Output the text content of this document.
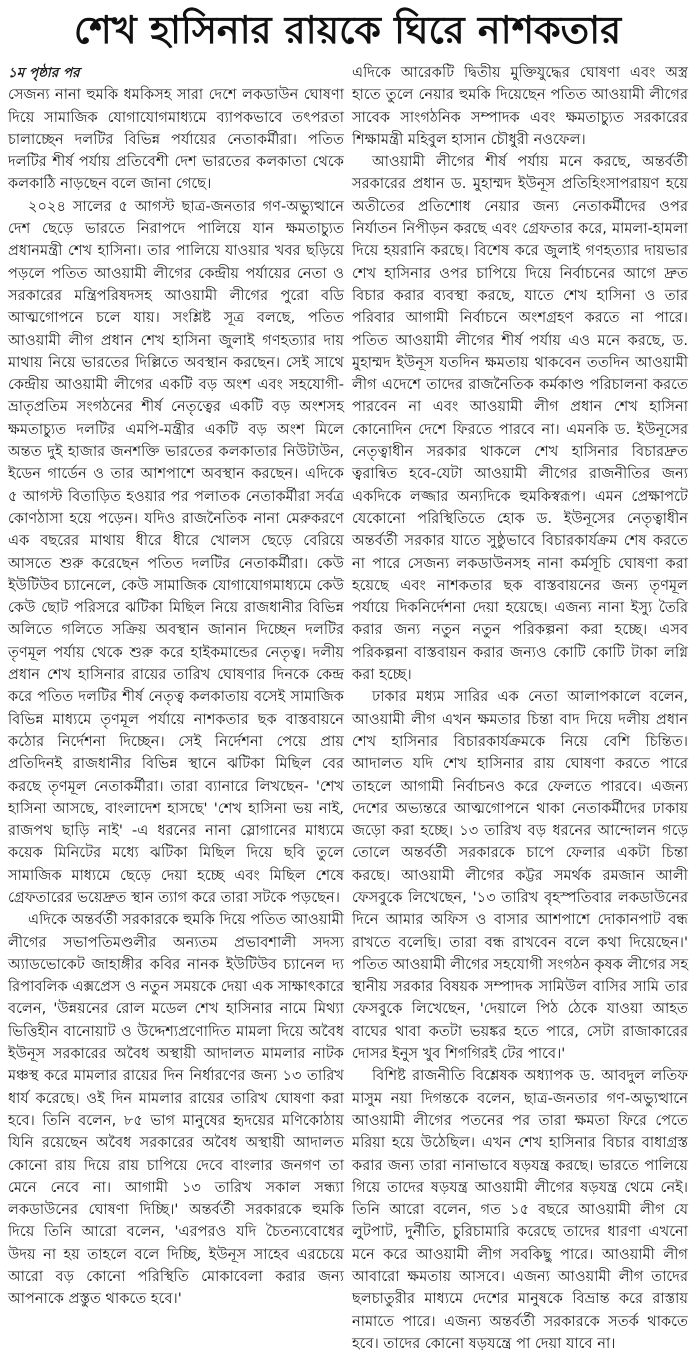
শেখ হাসিনার রায়কে ঘিরে নাশকতার

১ম পৃষ্ঠার পর

সেজন্য নানা হুমকি ধমকিসহ সারা দেশে লকডাউন ঘোষণা দিয়ে সামাজিক যোগাযোগমাধ্যমে ব্যাপকভাবে তৎপরতা চালাচ্ছেন দলটির বিভিন্ন পর্যায়ের নেতাকর্মীরা। পতিত দলটির শীর্ষ পর্যায় প্রতিবেশী দেশ ভারতের কলকাতা থেকে কলকাঠি নাড়ছেন বলে জানা গেছে।

২০২৪ সালের ৫ আগস্ট ছাত্র-জনতার গণ-অভ্যুত্থানে দেশ ছেড়ে ভারতে নিরাপদে পালিয়ে যান ক্ষমতাচ্যুত প্রধানমন্ত্রী শেখ হাসিনা। তার পালিয়ে যাওয়ার খবর ছড়িয়ে পড়লে পতিত আওয়ামী লীগের কেন্দ্রীয় পর্যায়ের নেতা ও সরকারের মন্ত্রিপরিষদসহ আওয়ামী লীগের পুরো বডি আত্মগোপনে চলে যায়। সংশ্লিষ্ট সূত্র বলছে, পতিত আওয়ামী লীগ প্রধান শেখ হাসিনা জুলাই গণহত্যার দায় মাথায় নিয়ে ভারতের দিল্লিতে অবস্থান করছেন। সেই সাথে কেন্দ্রীয় আওয়ামী লীগের একটি বড় অংশ এবং সহযোগী-ভ্রাতৃপ্রতিম সংগঠনের শীর্ষ নেতৃত্বের একটি বড় অংশসহ ক্ষমতাচ্যুত দলটির এমপি-মন্ত্রীর একটি বড় অংশ মিলে অন্তত দুই হাজার জনশক্তি ভারতের কলকাতার নিউটাউন, ইডেন গার্ডেন ও তার আশপাশে অবস্থান করছেন। এদিকে ৫ আগস্ট বিতাড়িত হওয়ার পর পলাতক নেতাকর্মীরা সর্বত্র কোণঠাসা হয়ে পড়েন। যদিও রাজনৈতিক নানা মেরুকরণে এক বছরের মাথায় ধীরে ধীরে খোলস ছেড়ে বেরিয়ে আসতে শুরু করেছেন পতিত দলটির নেতাকর্মীরা। কেউ ইউটিউব চ্যানেলে, কেউ সামাজিক যোগাযোগমাধ্যমে কেউ কেউ ছোট পরিসরে ঝটিকা মিছিল নিয়ে রাজধানীর বিভিন্ন অলিতে গলিতে সক্রিয় অবস্থান জানান দিচ্ছেন দলটির তৃণমূল পর্যায় থেকে শুরু করে হাইকমান্ডের নেতৃত্ব। দলীয় প্রধান শেখ হাসিনার রায়ের তারিখ ঘোষণার দিনকে কেন্দ্র করে পতিত দলটির শীর্ষ নেতৃত্ব কলকাতায় বসেই সামাজিক বিভিন্ন মাধ্যমে তৃণমূল পর্যায়ে নাশকতার ছক বাস্তবায়নে কঠোর নির্দেশনা দিচ্ছেন। সেই নির্দেশনা পেয়ে প্রায় প্রতিদিনই রাজধানীর বিভিন্ন স্থানে ঝটিকা মিছিল বের করছে তৃণমূল নেতাকর্মীরা। তারা ব্যানারে লিখছেন- 'শেখ হাসিনা আসছে, বাংলাদেশ হাসছে' 'শেখ হাসিনা ভয় নাই, রাজপথ ছাড়ি নাই' -এ ধরনের নানা স্লোগানের মাধ্যমে কয়েক মিনিটের মধ্যে ঝটিকা মিছিল দিয়ে ছবি তুলে সামাজিক মাধ্যমে ছেড়ে দেয়া হচ্ছে এবং মিছিল শেষে গ্রেফতারের ভয়েদ্রুত স্থান ত্যাগ করে তারা সটকে পড়ছেন।

এদিকে অন্তর্বর্তী সরকারকে হুমকি দিয়ে পতিত আওয়ামী লীগের সভাপতিমণ্ডলীর অন্যতম প্রভাবশালী সদস্য অ্যাডভোকেট জাহাঙ্গীর কবির নানক ইউটিউব চ্যানেল দ্য রিপাবলিক এক্সপ্রেস ও নতুন সময়কে দেয়া এক সাক্ষাৎকারে বলেন, 'উন্নয়নের রোল মডেল শেখ হাসিনার নামে মিথ্যা ভিত্তিহীন বানোয়াট ও উদ্দেশ্যপ্রণোদিত মামলা দিয়ে অবৈধ ইউনূস সরকারের অবৈধ অস্থায়ী আদালত মামলার নাটক মঞ্চস্থ করে মামলার রায়ের দিন নির্ধারণের জন্য ১৩ তারিখ ধার্য করেছে। ওই দিন মামলার রায়ের তারিখ ঘোষণা করা হবে। তিনি বলেন, ৮৫ ভাগ মানুষের হৃদয়ের মণিকোঠায় যিনি রয়েছেন অবৈধ সরকারের অবৈধ অস্থায়ী আদালত কোনো রায় দিয়ে রায় চাপিয়ে দেবে বাংলার জনগণ তা মেনে নেবে না। আগামী ১৩ তারিখ সকাল সন্ধ্যা লকডাউনের ঘোষণা দিচ্ছি।' অন্তর্বর্তী সরকারকে হুমকি দিয়ে তিনি আরো বলেন, 'এরপরও যদি চৈতন্যবোধের উদয় না হয় তাহলে বলে দিচ্ছি, ইউনূস সাহেব এরচেয়ে আরো বড় কোনো পরিস্থিতি মোকাবেলা করার জন্য আপনাকে প্রস্তুত থাকতে হবে।'

এদিকে আরেকটি দ্বিতীয় মুক্তিযুদ্ধের ঘোষণা এবং অস্ত্র হাতে তুলে নেয়ার হুমকি দিয়েছেন পতিত আওয়ামী লীগের সাবেক সাংগঠনিক সম্পাদক এবং ক্ষমতাচ্যুত সরকারের শিক্ষামন্ত্রী মহিবুল হাসান চৌধুরী নওফেল।

আওয়ামী লীগের শীর্ষ পর্যায় মনে করছে, অন্তর্বর্তী সরকারের প্রধান ড. মুহাম্মদ ইউনূস প্রতিহিংসাপরায়ণ হয়ে অতীতের প্রতিশোধ নেয়ার জন্য নেতাকর্মীদের ওপর নির্যাতন নিপীড়ন করছে এবং গ্রেফতার করে, মামলা-হামলা দিয়ে হয়রানি করছে। বিশেষ করে জুলাই গণহত্যার দায়ভার শেখ হাসিনার ওপর চাপিয়ে দিয়ে নির্বাচনের আগে দ্রুত বিচার করার ব্যবস্থা করছে, যাতে শেখ হাসিনা ও তার পরিবার আগামী নির্বাচনে অংশগ্রহণ করতে না পারে। পতিত আওয়ামী লীগের শীর্ষ পর্যায় এও মনে করছে, ড. মুহাম্মদ ইউনূস যতদিন ক্ষমতায় থাকবেন ততদিন আওয়ামী লীগ এদেশে তাদের রাজনৈতিক কর্মকাণ্ড পরিচালনা করতে পারবেন না এবং আওয়ামী লীগ প্রধান শেখ হাসিনা কোনোদিন দেশে ফিরতে পারবে না। এমনকি ড. ইউনূসের নেতৃত্বাধীন সরকার থাকলে শেখ হাসিনার বিচারদ্রুত ত্বরান্বিত হবে-যেটা আওয়ামী লীগের রাজনীতির জন্য একদিকে লজ্জার অন্যদিকে হুমকিস্বরূপ। এমন প্রেক্ষাপটে যেকোনো পরিস্থিতিতে হোক ড. ইউনূসের নেতৃত্বাধীন অন্তর্বর্তী সরকার যাতে সুষ্ঠুভাবে বিচারকার্যক্রম শেষ করতে না পারে সেজন্য লকডাউনসহ নানা কর্মসূচি ঘোষণা করা হয়েছে এবং নাশকতার ছক বাস্তবায়নের জন্য তৃণমূল পর্যায়ে দিকনির্দেশনা দেয়া হয়েছে। এজন্য নানা ইস্যু তৈরি করার জন্য নতুন নতুন পরিকল্পনা করা হচ্ছে। এসব পরিকল্পনা বাস্তবায়ন করার জন্যও কোটি কোটি টাকা লগ্নি করা হচ্ছে।

ঢাকার মধ্যম সারির এক নেতা আলাপকালে বলেন, আওয়ামী লীগ এখন ক্ষমতার চিন্তা বাদ দিয়ে দলীয় প্রধান শেখ হাসিনার বিচারকার্যক্রমকে নিয়ে বেশি চিন্তিত। আদালত যদি শেখ হাসিনার রায় ঘোষণা করতে পারে তাহলে আগামী নির্বাচনও করে ফেলতে পারবে। এজন্য দেশের অভ্যন্তরে আত্মগোপনে থাকা নেতাকর্মীদের ঢাকায় জড়ো করা হচ্ছে। ১৩ তারিখ বড় ধরনের আন্দোলন গড়ে তোলে অন্তর্বর্তী সরকারকে চাপে ফেলার একটা চিন্তা করছে। আওয়ামী লীগের কট্টর সমর্থক রমজান আলী ফেসবুকে লিখেছেন, '১৩ তারিখ বৃহস্পতিবার লকডাউনের দিনে আমার অফিস ও বাসার আশপাশে দোকানপাট বন্ধ রাখতে বলেছি। তারা বন্ধ রাখবেন বলে কথা দিয়েছেন।' পতিত আওয়ামী লীগের সহযোগী সংগঠন কৃষক লীগের সহ স্থানীয় সরকার বিষয়ক সম্পাদক সামিউল বাসির সামি তার ফেসবুকে লিখেছেন, 'দেয়ালে পিঠ ঠেকে যাওয়া আহত বাঘের থাবা কতটা ভয়ঙ্কর হতে পারে, সেটা রাজাকারের দোসর ইনুস খুব শিগগিরই টের পাবে।'

বিশিষ্ট রাজনীতি বিশ্লেষক অধ্যাপক ড. আবদুল লতিফ মাসুম নয়া দিগন্তকে বলেন, ছাত্র-জনতার গণ-অভ্যুত্থানে আওয়ামী লীগের পতনের পর তারা ক্ষমতা ফিরে পেতে মরিয়া হয়ে উঠেছিল। এখন শেখ হাসিনার বিচার বাধাগ্রস্ত করার জন্য তারা নানাভাবে ষড়যন্ত্র করছে। ভারতে পালিয়ে গিয়ে তাদের ষড়যন্ত্র আওয়ামী লীগের ষড়যন্ত্র থেমে নেই। তিনি আরো বলেন, গত ১৫ বছরে আওয়ামী লীগ যে লুটপাট, দুর্নীতি, চুরিচামারি করেছে তাদের ধারণা এখনো মনে করে আওয়ামী লীগ সবকিছু পারে। আওয়ামী লীগ আবারো ক্ষমতায় আসবে। এজন্য আওয়ামী লীগ তাদের ছলচাতুরীর মাধ্যমে দেশের মানুষকে বিভ্রান্ত করে রাস্তায় নামাতে পারে। এজন্য অন্তর্বর্তী সরকারকে সতর্ক থাকতে হবে। তাদের কোনো ষড়যন্ত্রে পা দেয়া যাবে না।
